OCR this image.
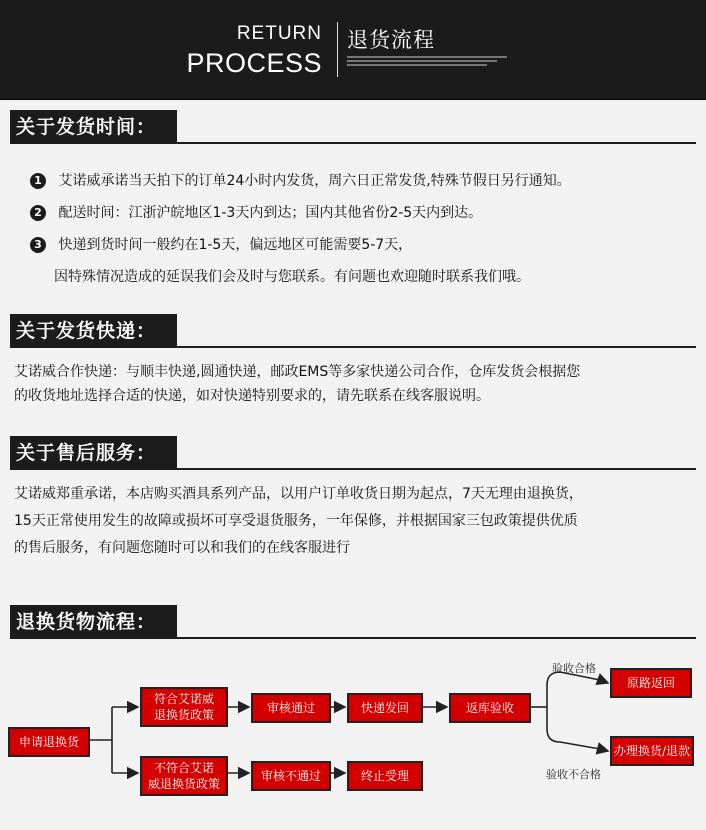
RETURN
PROCESS
退货流程
关于发货时间：
1 艾诺威承诺当天拍下的订单24小时内发货，周六日正常发货,特殊节假日另行通知。
2 配送时间：江浙沪皖地区1-3天内到达；国内其他省份2-5天内到达。
3 快递到货时间一般约在1-5天，偏远地区可能需要5-7天，
因特殊情况造成的延误我们会及时与您联系。有问题也欢迎随时联系我们哦。
关于发货快递：
艾诺威合作快递：与顺丰快递,圆通快递，邮政EMS等多家快递公司合作，仓库发货会根据您
的收货地址选择合适的快递，如对快递特别要求的，请先联系在线客服说明。
关于售后服务：
艾诺威郑重承诺，本店购买酒具系列产品，以用户订单收货日期为起点，7天无理由退换货，
15天正常使用发生的故障或损坏可享受退货服务，一年保修，并根据国家三包政策提供优质
的售后服务，有问题您随时可以和我们的在线客服进行
退换货物流程：
申请退换货
符合艾诺威
退换货政策
审核通过	快递发回	返库验收
验收合格
原路返回
办理换货/退款
验收不合格
不符合艾诺
威退换货政策
审核不通过	终止受理
